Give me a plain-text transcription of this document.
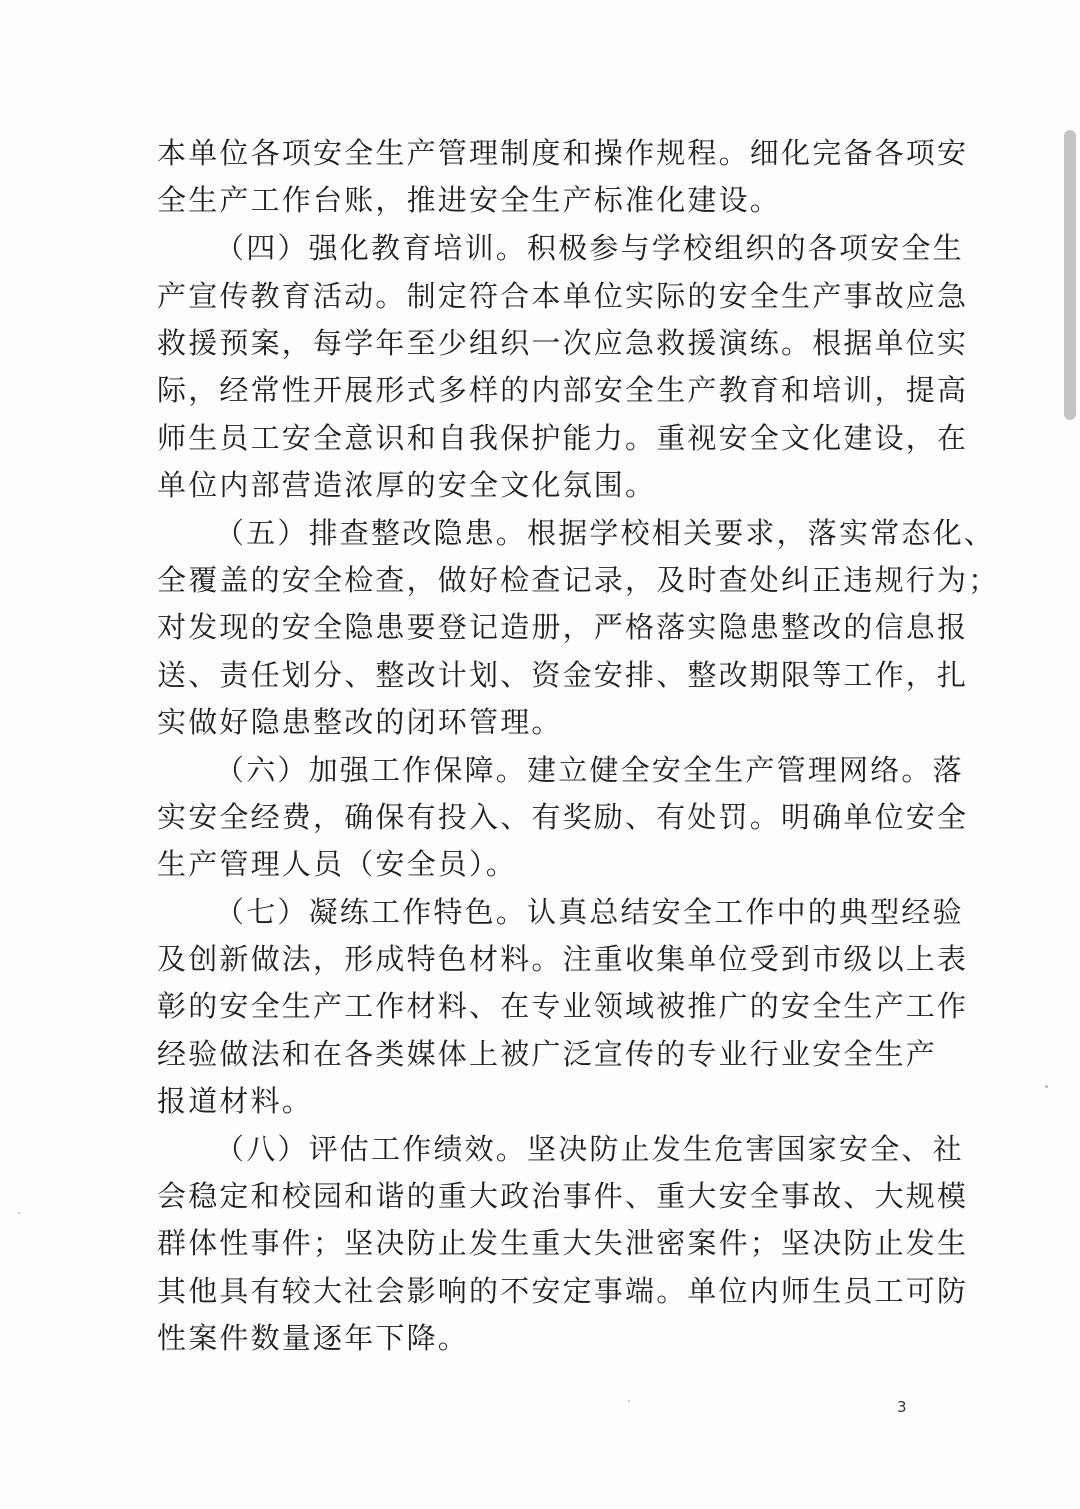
本单位各项安全生产管理制度和操作规程。细化完备各项安
全生产工作台账，推进安全生产标准化建设。
（四）强化教育培训。积极参与学校组织的各项安全生
产宣传教育活动。制定符合本单位实际的安全生产事故应急
救援预案，每学年至少组织一次应急救援演练。根据单位实
际，经常性开展形式多样的内部安全生产教育和培训，提高
师生员工安全意识和自我保护能力。重视安全文化建设，在
单位内部营造浓厚的安全文化氛围。
（五）排查整改隐患。根据学校相关要求，落实常态化、
全覆盖的安全检查，做好检查记录，及时查处纠正违规行为；
对发现的安全隐患要登记造册，严格落实隐患整改的信息报
送、责任划分、整改计划、资金安排、整改期限等工作，扎
实做好隐患整改的闭环管理。
（六）加强工作保障。建立健全安全生产管理网络。落
实安全经费，确保有投入、有奖励、有处罚。明确单位安全
生产管理人员（安全员）。
（七）凝练工作特色。认真总结安全工作中的典型经验
及创新做法，形成特色材料。注重收集单位受到市级以上表
彰的安全生产工作材料、在专业领域被推广的安全生产工作
经验做法和在各类媒体上被广泛宣传的专业行业安全生产
报道材料。
（八）评估工作绩效。坚决防止发生危害国家安全、社
会稳定和校园和谐的重大政治事件、重大安全事故、大规模
群体性事件；坚决防止发生重大失泄密案件；坚决防止发生
其他具有较大社会影响的不安定事端。单位内师生员工可防
性案件数量逐年下降。
3
